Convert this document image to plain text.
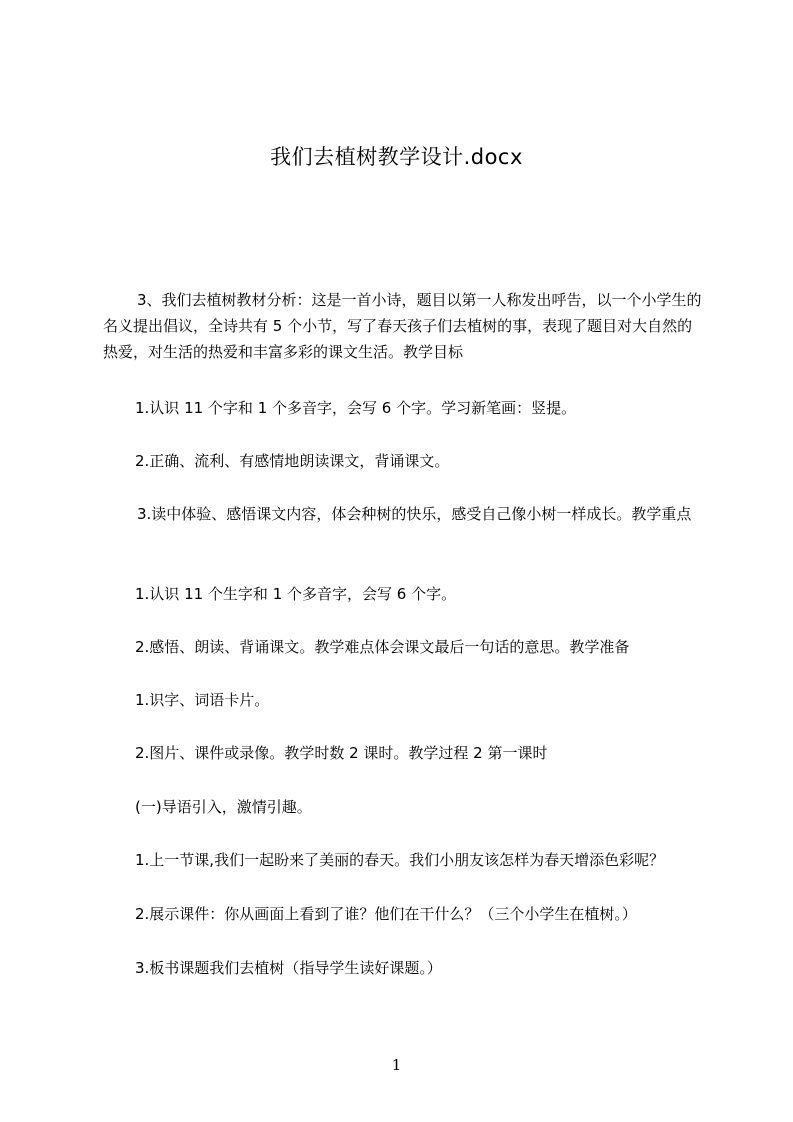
我们去植树教学设计.docx

3、我们去植树教材分析：这是一首小诗，题目以第一人称发出呼告，以一个小学生的名义提出倡议，全诗共有 5 个小节，写了春天孩子们去植树的事，表现了题目对大自然的热爱，对生活的热爱和丰富多彩的课文生活。教学目标

1.认识 11 个字和 1 个多音字，会写 6 个字。学习新笔画：竖提。
2.正确、流利、有感情地朗读课文，背诵课文。
3.读中体验、感悟课文内容，体会种树的快乐，感受自己像小树一样成长。教学重点
1.认识 11 个生字和 1 个多音字，会写 6 个字。
2.感悟、朗读、背诵课文。教学难点体会课文最后一句话的意思。教学准备
1.识字、词语卡片。
2.图片、课件或录像。教学时数 2 课时。教学过程 2 第一课时
(一)导语引入，激情引趣。
1.上一节课,我们一起盼来了美丽的春天。我们小朋友该怎样为春天增添色彩呢？
2.展示课件：你从画面上看到了谁？他们在干什么？（三个小学生在植树。）
3.板书课题我们去植树（指导学生读好课题。）
1
